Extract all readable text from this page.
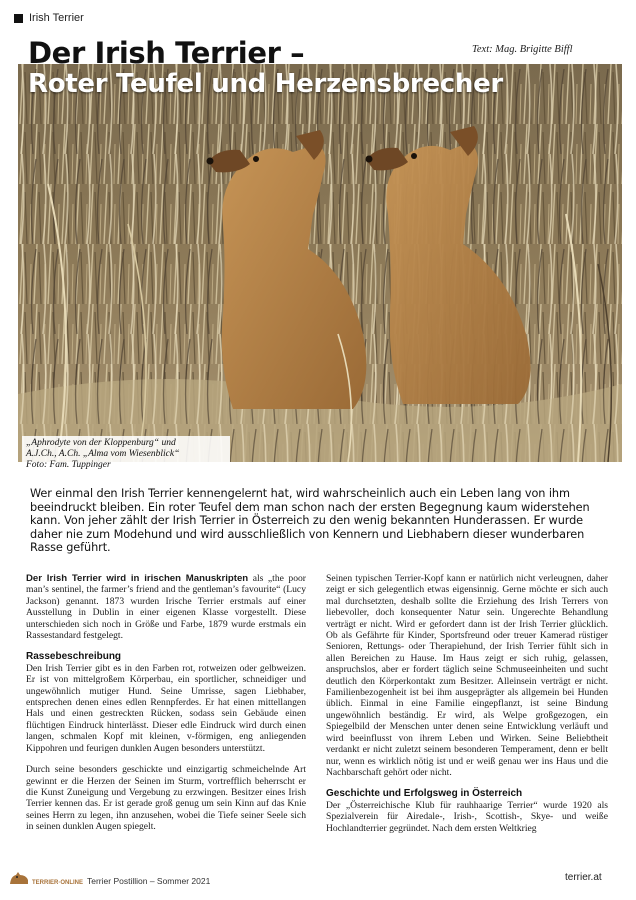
Irish Terrier
Der Irish Terrier –	Text: Mag. Brigitte Biffl
Roter Teufel und Herzensbrecher
„Aphrodyte von der Kloppenburg“ und
A.J.Ch., A.Ch. „Alma vom Wiesenblick“
Foto: Fam. Tuppinger
Wer einmal den Irish Terrier kennengelernt hat, wird wahrscheinlich auch ein Leben lang von ihm beeindruckt bleiben. Ein roter Teufel dem man schon nach der ersten Begegnung kaum widerstehen kann. Von jeher zählt der Irish Terrier in Österreich zu den wenig bekannten Hunderassen. Er wurde daher nie zum Modehund und wird ausschließlich von Kennern und Liebhabern dieser wunderbaren Rasse geführt.

Der Irish Terrier wird in irischen Manuskripten als „the poor man’s sentinel, the farmer’s friend and the gentleman’s favourite“ (Lucy Jackson) genannt. 1873 wurden Irische Terrier erstmals auf einer Ausstellung in Dublin in einer eigenen Klasse vorgestellt. Diese unterschieden sich noch in Größe und Farbe, 1879 wurde erstmals ein Rassestandard festgelegt.

Rassebeschreibung

Den Irish Terrier gibt es in den Farben rot, rotweizen oder gelbweizen. Er ist von mittelgroßem Körperbau, ein sportlicher, schneidiger und ungewöhnlich mutiger Hund. Seine Umrisse, sagen Liebhaber, entsprechen denen eines edlen Rennpferdes. Er hat einen mittellangen Hals und einen gestreckten Rücken, sodass sein Gebäude einen flüchtigen Eindruck hinterlässt. Dieser edle Eindruck wird durch einen langen, schmalen Kopf mit kleinen, v-förmigen, eng anliegenden Kippohren und feurigen dunklen Augen besonders unterstützt.

Durch seine besonders geschickte und einzigartig schmeichelnde Art gewinnt er die Herzen der Seinen im Sturm, vortrefflich beherrscht er die Kunst Zuneigung und Vergebung zu erzwingen. Besitzer eines Irish Terrier kennen das. Er ist gerade groß genug um sein Kinn auf das Knie seines Herrn zu legen, ihn anzusehen, wobei die Tiefe seiner Seele sich in seinen dunklen Augen spiegelt.

Seinen typischen Terrier-Kopf kann er natürlich nicht verleugnen, daher zeigt er sich gelegentlich etwas eigensinnig. Gerne möchte er sich auch mal durchsetzten, deshalb sollte die Erziehung des Irish Terrers von liebevoller, doch konsequenter Natur sein. Ungerechte Behandlung verträgt er nicht. Wird er gefordert dann ist der Irish Terrier glücklich. Ob als Gefährte für Kinder, Sportsfreund oder treuer Kamerad rüstiger Senioren, Rettungs- oder Therapiehund, der Irish Terrier fühlt sich in allen Bereichen zu Hause. Im Haus zeigt er sich ruhig, gelassen, anspruchslos, aber er fordert täglich seine Schmuseeinheiten und sucht deutlich den Körperkontakt zum Besitzer. Alleinsein verträgt er nicht. Familienbezogenheit ist bei ihm ausgeprägter als allgemein bei Hunden üblich. Einmal in eine Familie eingepflanzt, ist seine Bindung ungewöhnlich beständig. Er wird, als Welpe großgezogen, ein Spiegelbild der Menschen unter denen seine Entwicklung verläuft und wird beeinflusst von ihrem Leben und Wirken. Seine Beliebtheit verdankt er nicht zuletzt seinem besonderen Temperament, denn er bellt nur, wenn es wirklich nötig ist und er weiß genau wer ins Haus und die Nachbarschaft gehört oder nicht.

Geschichte und Erfolgsweg in Österreich

Der „Österreichische Klub für rauhhaarige Terrier“ wurde 1920 als Spezialverein für Airedale-, Irish-, Scottish-, Skye- und weiße Hochlandterrier gegründet. Nach dem ersten Weltkrieg

TERRIER·ONLINE Terrier Postillion – Sommer 2021	terrier.at
